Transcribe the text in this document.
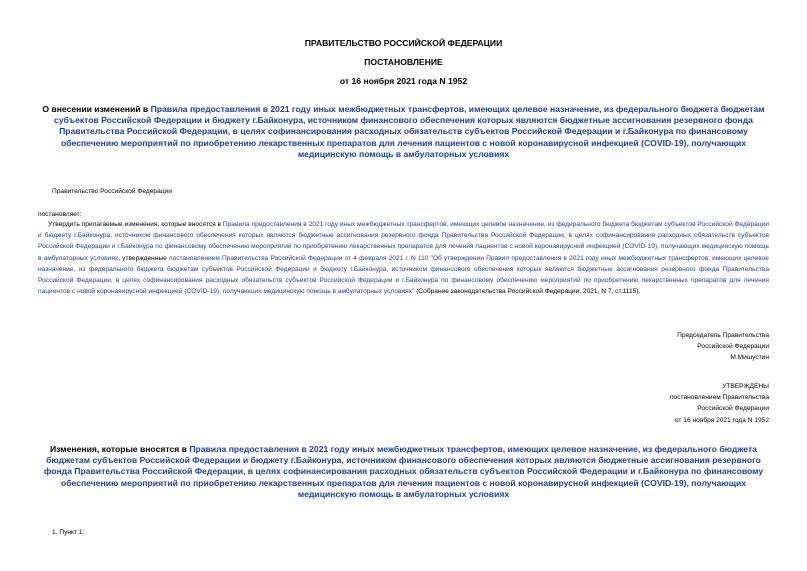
ПРАВИТЕЛЬСТВО РОССИЙСКОЙ ФЕДЕРАЦИИ
ПОСТАНОВЛЕНИЕ
от 16 ноября 2021 года N 1952
О внесении изменений в Правила предоставления в 2021 году иных межбюджетных трансфертов, имеющих целевое назначение, из федерального бюджета бюджетам субъектов Российской Федерации и бюджету г.Байконура, источником финансового обеспечения которых являются бюджетные ассигнования резервного фонда Правительства Российской Федерации, в целях софинансирования расходных обязательств субъектов Российской Федерации и г.Байконура по финансовому обеспечению мероприятий по приобретению лекарственных препаратов для лечения пациентов с новой коронавирусной инфекцией (COVID-19), получающих медицинскую помощь в амбулаторных условиях
Правительство Российской Федерации
постановляет:
Утвердить прилагаемые изменения, которые вносятся в Правила предоставления в 2021 году иных межбюджетных трансфертов, имеющих целевое назначение, из федерального бюджета бюджетам субъектов Российской Федерации и бюджету г.Байконура, источником финансового обеспечения которых являются бюджетные ассигнования резервного фонда Правительства Российской Федерации, в целях софинансирования расходных обязательств субъектов Российской Федерации и г.Байконура по финансовому обеспечению мероприятий по приобретению лекарственных препаратов для лечения пациентов с новой коронавирусной инфекцией (COVID-19), получающих медицинскую помощь в амбулаторных условиях, утвержденные постановлением Правительства Российской Федерации от 4 февраля 2021 г. N 110 "Об утверждении Правил предоставления в 2021 году иных межбюджетных трансфертов, имеющих целевое назначение, из федерального бюджета бюджетам субъектов Российской Федерации и бюджету г.Байконура, источником финансового обеспечения которых являются бюджетные ассигнования резервного фонда Правительства Российской Федерации, в целях софинансирования расходных обязательств субъектов Российской Федерации и г.Байконура по финансовому обеспечению мероприятий по приобретению лекарственных препаратов для лечения пациентов с новой коронавирусной инфекцией (COVID-19), получающих медицинскую помощь в амбулаторных условиях" (Собрание законодательства Российской Федерации, 2021, N 7, ст.1115).
Председатель Правительства
Российской Федерации
М.Мишустин
УТВЕРЖДЕНЫ
постановлением Правительства
Российской Федерации
от 16 ноября 2021 года N 1952
Изменения, которые вносятся в Правила предоставления в 2021 году иных межбюджетных трансфертов, имеющих целевое назначение, из федерального бюджета бюджетам субъектов Российской Федерации и бюджету г.Байконура, источником финансового обеспечения которых являются бюджетные ассигнования резервного фонда Правительства Российской Федерации, в целях софинансирования расходных обязательств субъектов Российской Федерации и г.Байконура по финансовому обеспечению мероприятий по приобретению лекарственных препаратов для лечения пациентов с новой коронавирусной инфекцией (COVID-19), получающих медицинскую помощь в амбулаторных условиях
1. Пункт 1:
